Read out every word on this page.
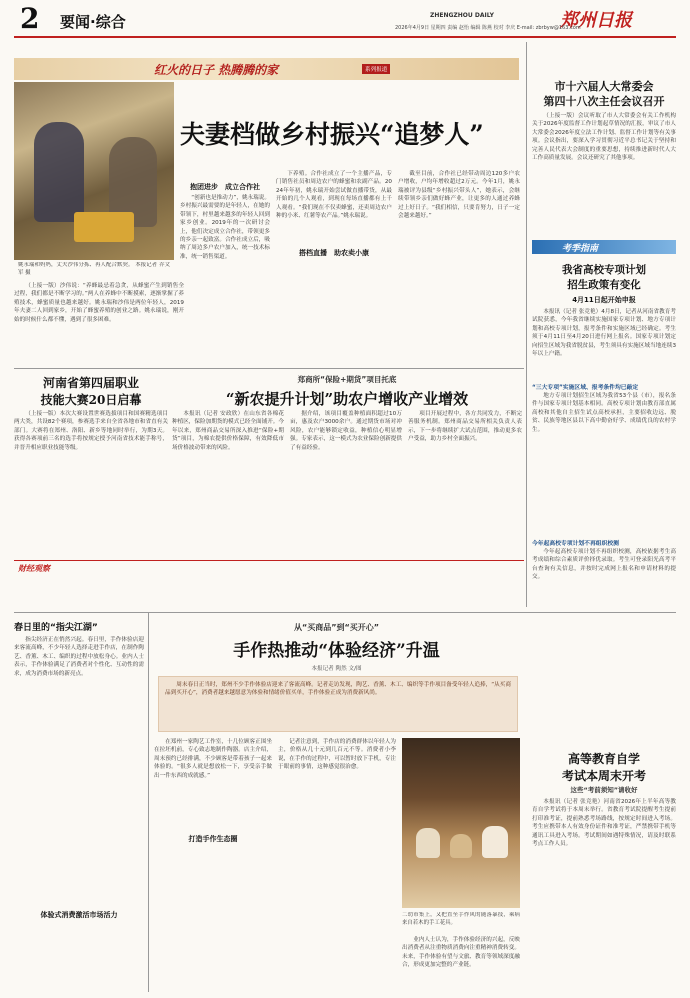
2 要闻·综合	ZHENGZHOU DAILY	郑州日报
2026年4月9日 星期四 责编 赵怡 编辑 陈燕 校对 李庆 E-mail: zbrbyw@163.com
红火的日子 热腾腾的家	系列报道
姚永瑞和妈妈，丈夫沙伟分拣、再人配合默契。 本报记者 乔文军 摄
夫妻档做乡村振兴“追梦人”

（上接一版）沙伟说：“养蜂最忌着急贪，从蜂蜜产生到销售全过程，我们都是不断学习的。”两人在养蜂中不断摸索，逐渐掌握了养殖技术，蜂蜜质量也越来越好。姚永瑞和沙伟是两位年轻人，2019年夫妻二人回到家乡，开始了蜂蜜养殖的创业之路。姚永瑞说，刚开始的时候什么都不懂，遇到了很多困难。

抱团进步　成立合作社

“创新也是推动力”，姚永瑞说。乡村振兴最需要的是年轻人，在她的带领下，村里越来越多的年轻人回到家乡创业。2019年的一次研讨会上，他们决定成立合作社，带领更多的乡亲一起致富。合作社成立后，吸纳了周边多户农户加入，统一技术标准，统一销售渠道。

下养殖。合作社成立了一个主播产品，专门销售社员和周边农户的蜂蜜和农副产品。2024年年初，姚永瑞开始尝试做直播带货，从最开始的几个人观看，到现在每场直播都有上千人观看。“我们现在不仅卖蜂蜜，还卖周边农户种的小米、红薯等农产品。”姚永瑞说。

搭档直播　助农卖小康

截至目前，合作社已经带动周边120多户农户增收，户均年增收超过2万元。今年1月，姚永瑞被评为县级“乡村振兴带头人”，她表示，会继续带领乡亲们做好蜂产业，让更多的人通过养蜂过上好日子。“我们相信，只要肯努力，日子一定会越来越好。”

市十六届人大常委会
第四十八次主任会议召开

（上接一版）会议听取了市人大常委会有关工作机构关于2026年度监督工作计划起草情况的汇报，审议了市人大常委会2026年度立法工作计划、监督工作计划等有关事项。会议指出，要深入学习贯彻习近平总书记关于坚持和完善人民代表大会制度的重要思想，持续推进新时代人大工作高质量发展。会议还研究了其他事项。

考季指南
我省高校专项计划
招生政策有变化
4月11日起开始申报

本报讯（记者 张竞艳）4月8日，记者从河南省教育考试院获悉，今年我省继续实施国家专项计划、地方专项计划和高校专项计划，报考条件和实施区域已经确定。考生须于4月11日至4月20日进行网上报名。国家专项计划定向招生区域为我省脱贫县，考生须具有实施区域当地连续3年以上户籍。

“三大专项”实施区域、报考条件均已敲定

地方专项计划招生区域为我省53个县（市），报名条件与国家专项计划基本相同。高校专项计划由教育部直属高校和其他自主招生试点高校承担，主要招收边远、脱贫、民族等地区县以下高中勤奋好学、成绩优良的农村学生。

今年起高校专项计划不再组织校测

今年起高校专项计划不再组织校测，高校依据考生高考成绩和综合素质评价择优录取。考生可登录阳光高考平台查询有关信息，并按时完成网上报名和申请材料的提交。

河南省第四届职业
技能大赛20日启幕

（上接一版）本次大赛设置世赛选拔项目和国赛精选项目两大类，共设82个赛项，参赛选手来自全省各地市和省直有关部门。大赛将在郑州、洛阳、新乡等地同时举行，为期3天。获得各赛项前三名的选手将按规定授予河南省技术能手称号，并晋升相应职业技能等级。

郑商所“保险+期货”项目托底
“新农提升计划”助农户增收产业增效

本报讯（记者 安政欣）在山东省各棉花种植区，保险加期货的模式已经全面铺开。今年以来，郑州商品交易所深入推进“保险+期货”项目，为棉农提供价格保障，有效降低市场价格波动带来的风险。

据介绍，该项目覆盖种植面积超过10万亩，惠及农户3000余户。通过期货市场对冲风险，农户能够锁定收益，种植信心明显增强。专家表示，这一模式为农业保险创新提供了有益经验。

项目开展过程中，各方共同发力，不断完善服务机制。郑州商品交易所相关负责人表示，下一步将继续扩大试点范围，推动更多农户受益，助力乡村全面振兴。

财经观察
春日里的“指尖江湖”

指尖经济正在悄然兴起。春日里，手作体验店迎来客流高峰，不少年轻人选择走进手作店，在制作陶艺、香薰、木工、编织的过程中放松身心。业内人士表示，手作体验满足了消费者对个性化、互动性的需求，成为消费市场的新亮点。

体验式消费激活市场活力
从“买商品”到“买开心”
手作热推动“体验经济”升温
本报记者 陶然 文/图

周末春日正当时，郑州不少手作体验店迎来了客流高峰。记者走访发现，陶艺、香薰、木工、编织等手作项目备受年轻人追捧，“从买商品到买开心”，消费者越来越愿意为体验和情绪价值买单，手作体验正成为消费新风尚。

在郑州一家陶艺工作室，十几位顾客正围坐在拉坯机前，专心致志地制作陶器。店主介绍，周末预约已经排满，不少顾客是带着孩子一起来体验的。“很多人就是想放松一下，享受亲手做出一件东西的成就感。”

打造手作生态圈

记者注意到，手作店的消费群体以年轻人为主，价格从几十元到几百元不等。消费者小李说，在手作的过程中，可以暂时放下手机，专注于眼前的事情，这种感觉很治愈。

二幼市集上，又把直至手作风的随落暴技，乘病来自若木的手工花具。

业内人士认为，手作体验经济的兴起，反映出消费者从注重物质消费向注重精神消费转变。未来，手作体验有望与文旅、教育等领域深度融合，形成更加完整的产业链。

高等教育自学
考试本周末开考
这些“考前须知”请收好

本报讯（记者 张竞艳）河南省2026年上半年高等教育自学考试将于本周末举行。省教育考试院提醒考生提前打印准考证，提前熟悉考场路线，按规定时间进入考场。考生应携带本人有效身份证件和准考证，严禁携带手机等通讯工具进入考场。考试期间如遇特殊情况，请及时联系考点工作人员。
